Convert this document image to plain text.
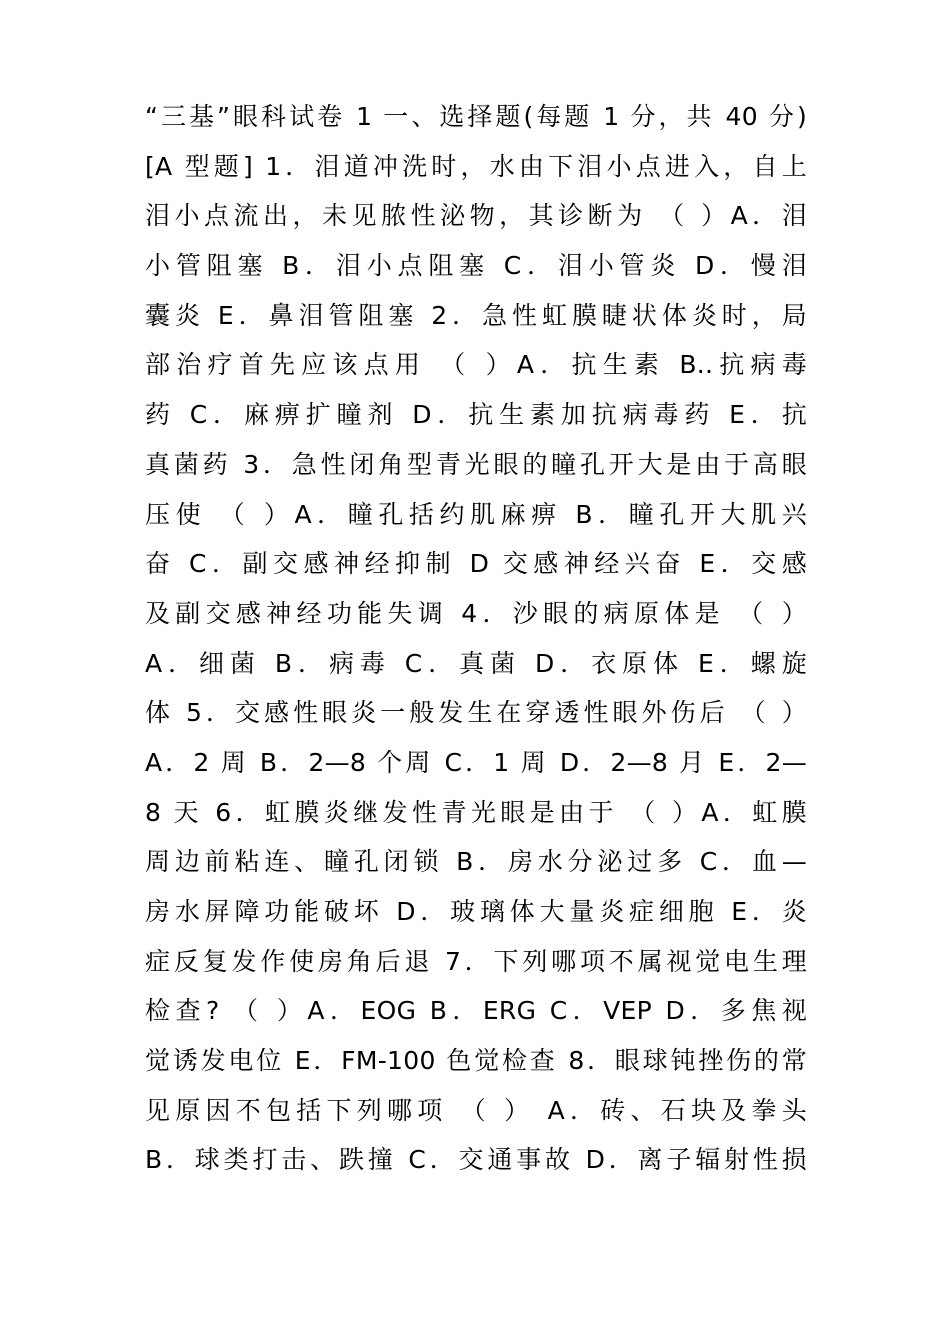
“三基”眼科试卷 1 一、选择题(每题 1 分，共 40 分)
[A 型题] 1．泪道冲洗时，水由下泪小点进入，自上
泪小点流出，未见脓性泌物，其诊断为 （ ）A．泪
小管阻塞 B．泪小点阻塞 C．泪小管炎 D．慢泪
囊炎 E．鼻泪管阻塞 2．急性虹膜睫状体炎时，局
部治疗首先应该点用 （ ）A．抗生素 B..抗病毒
药 C．麻痹扩瞳剂 D．抗生素加抗病毒药 E．抗
真菌药 3．急性闭角型青光眼的瞳孔开大是由于高眼
压使 （ ）A．瞳孔括约肌麻痹 B．瞳孔开大肌兴
奋 C．副交感神经抑制 D 交感神经兴奋 E．交感
及副交感神经功能失调 4．沙眼的病原体是 （ ）
A．细菌 B．病毒 C．真菌 D．衣原体 E．螺旋
体 5．交感性眼炎一般发生在穿透性眼外伤后 （ ）
A．2 周 B．2—8 个周 C．1 周 D．2—8 月 E．2—
8 天 6．虹膜炎继发性青光眼是由于 （ ）A．虹膜
周边前粘连、瞳孔闭锁 B．房水分泌过多 C．血—
房水屏障功能破坏 D．玻璃体大量炎症细胞 E．炎
症反复发作使房角后退 7．下列哪项不属视觉电生理
检查? （ ）A．EOG B．ERG C．VEP D．多焦视
觉诱发电位 E．FM-100 色觉检查 8．眼球钝挫伤的常
见原因不包括下列哪项 （ ） A．砖、石块及拳头
B．球类打击、跌撞 C．交通事故 D．离子辐射性损
